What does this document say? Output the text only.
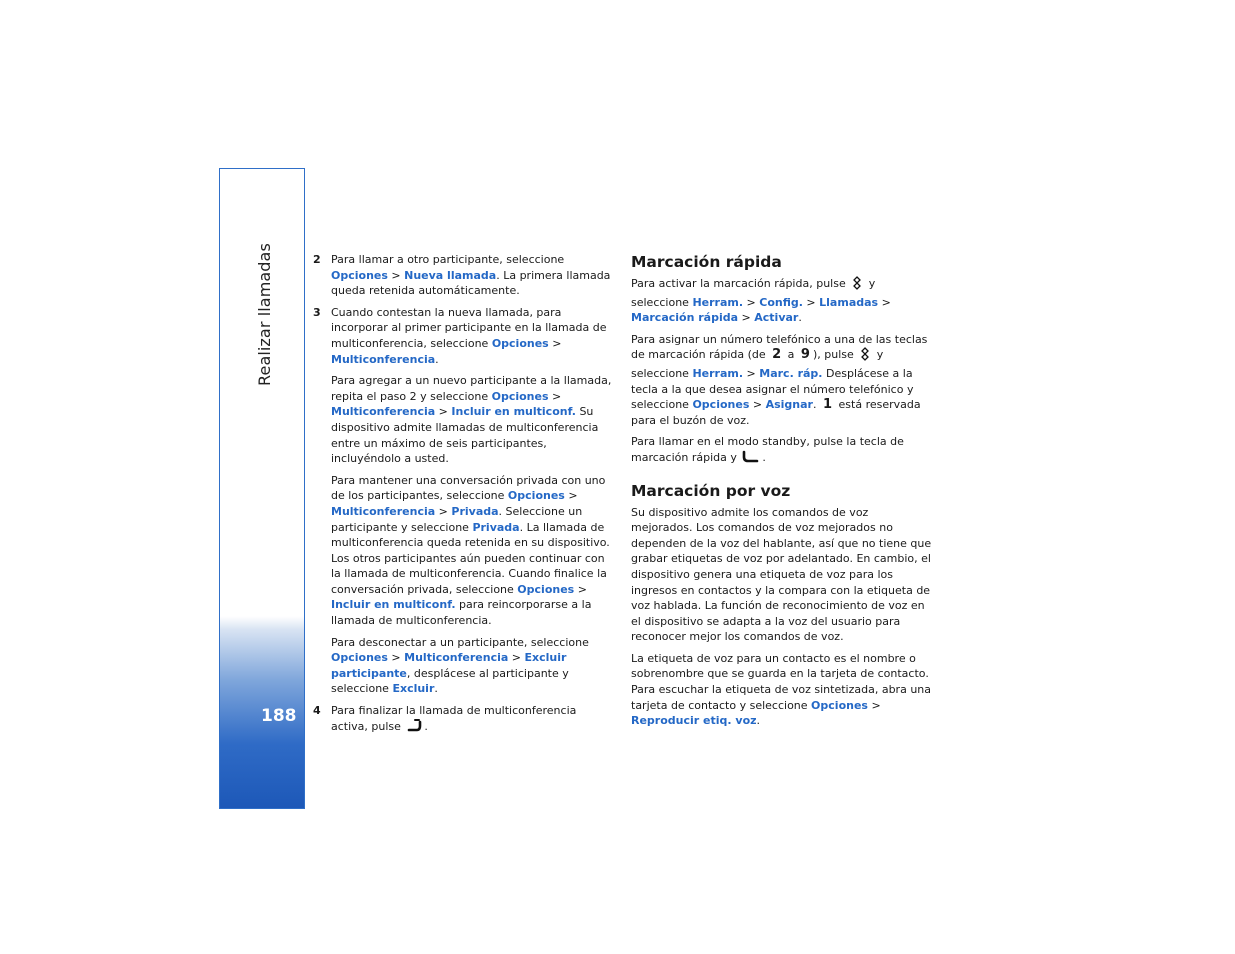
Realizar llamadas
188
2 Para llamar a otro participante, seleccione Opciones > Nueva llamada. La primera llamada queda retenida automáticamente.
3 Cuando contestan la nueva llamada, para incorporar al primer participante en la llamada de multiconferencia, seleccione Opciones > Multiconferencia.
Para agregar a un nuevo participante a la llamada, repita el paso 2 y seleccione Opciones > Multiconferencia > Incluir en multiconf. Su dispositivo admite llamadas de multiconferencia entre un máximo de seis participantes, incluyéndolo a usted.
Para mantener una conversación privada con uno de los participantes, seleccione Opciones > Multiconferencia > Privada. Seleccione un participante y seleccione Privada. La llamada de multiconferencia queda retenida en su dispositivo. Los otros participantes aún pueden continuar con la llamada de multiconferencia. Cuando finalice la conversación privada, seleccione Opciones > Incluir en multiconf. para reincorporarse a la llamada de multiconferencia.
Para desconectar a un participante, seleccione Opciones > Multiconferencia > Excluir participante, desplácese al participante y seleccione Excluir.
4 Para finalizar la llamada de multiconferencia activa, pulse .
Marcación rápida
Para activar la marcación rápida, pulse  y seleccione Herram. > Config. > Llamadas > Marcación rápida > Activar.
Para asignar un número telefónico a una de las teclas de marcación rápida (de 2 a 9 ), pulse  y seleccione Herram. > Marc. ráp. Desplácese a la tecla a la que desea asignar el número telefónico y seleccione Opciones > Asignar. 1 está reservada para el buzón de voz.
Para llamar en el modo standby, pulse la tecla de marcación rápida y .
Marcación por voz
Su dispositivo admite los comandos de voz mejorados. Los comandos de voz mejorados no dependen de la voz del hablante, así que no tiene que grabar etiquetas de voz por adelantado. En cambio, el dispositivo genera una etiqueta de voz para los ingresos en contactos y la compara con la etiqueta de voz hablada. La función de reconocimiento de voz en el dispositivo se adapta a la voz del usuario para reconocer mejor los comandos de voz.
La etiqueta de voz para un contacto es el nombre o sobrenombre que se guarda en la tarjeta de contacto. Para escuchar la etiqueta de voz sintetizada, abra una tarjeta de contacto y seleccione Opciones > Reproducir etiq. voz.
